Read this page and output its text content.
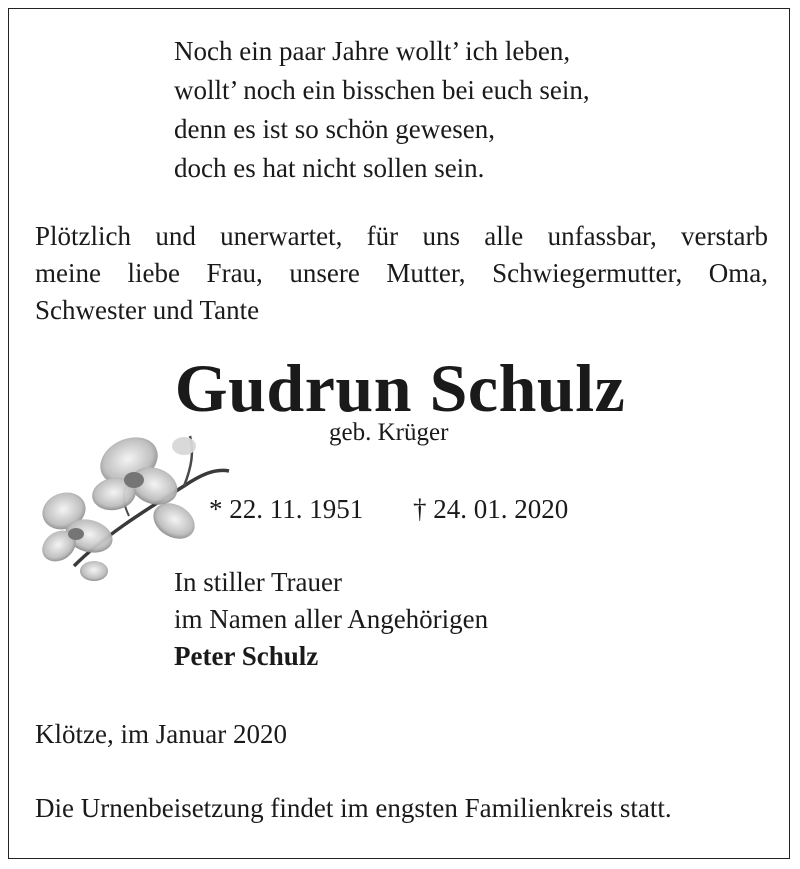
Noch ein paar Jahre wollt’ ich leben,
wollt’ noch ein bisschen bei euch sein,
denn es ist so schön gewesen,
doch es hat nicht sollen sein.
Plötzlich und unerwartet, für uns alle unfassbar, verstarb
meine liebe Frau, unsere Mutter, Schwiegermutter, Oma,
Schwester und Tante
Gudrun Schulz
geb. Krüger
* 22. 11. 1951 † 24. 01. 2020
In stiller Trauer
im Namen aller Angehörigen
Peter Schulz
Klötze, im Januar 2020
Die Urnenbeisetzung findet im engsten Familienkreis statt.
